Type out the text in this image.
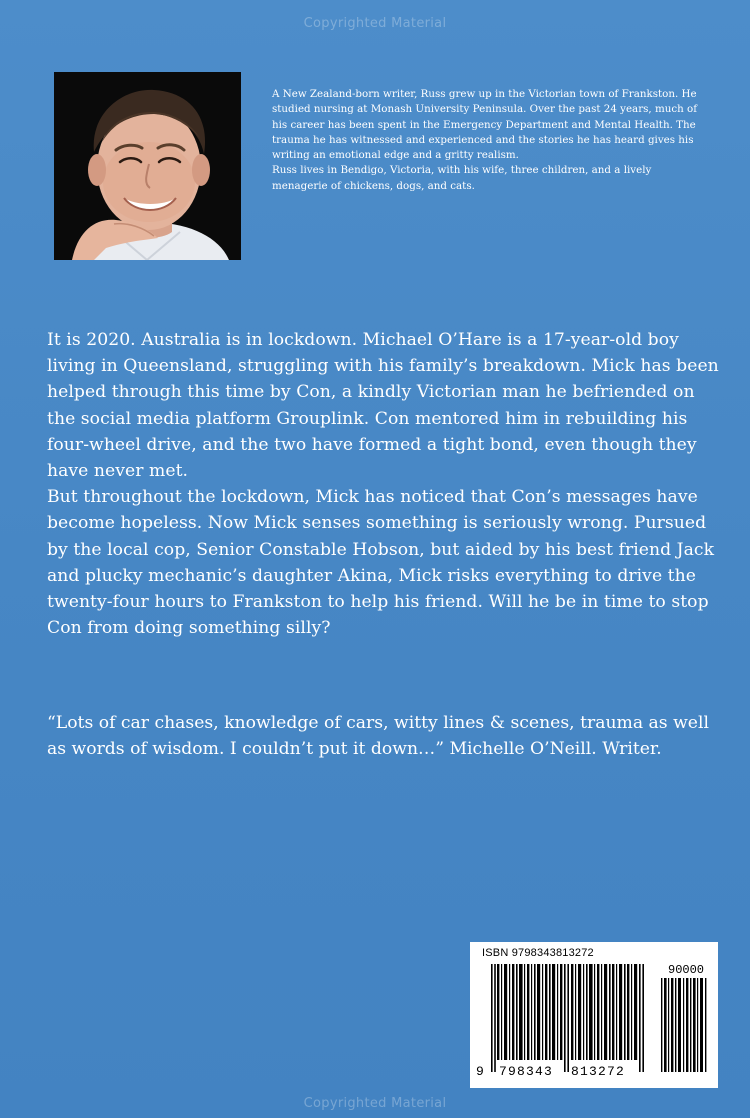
Copyrighted Material

A New Zealand-born writer, Russ grew up in the Victorian town of Frankston. He studied nursing at Monash University Peninsula. Over the past 24 years, much of his career has been spent in the Emergency Department and Mental Health. The trauma he has witnessed and experienced and the stories he has heard gives his writing an emotional edge and a gritty realism.

Russ lives in Bendigo, Victoria, with his wife, three children, and a lively menagerie of chickens, dogs, and cats.

It is 2020. Australia is in lockdown. Michael O’Hare is a 17-year-old boy living in Queensland, struggling with his family’s breakdown. Mick has been helped through this time by Con, a kindly Victorian man he befriended on the social media platform Grouplink. Con mentored him in rebuilding his four-wheel drive, and the two have formed a tight bond, even though they have never met.

But throughout the lockdown, Mick has noticed that Con’s messages have become hopeless. Now Mick senses something is seriously wrong. Pursued by the local cop, Senior Constable Hobson, but aided by his best friend Jack and plucky mechanic’s daughter Akina, Mick risks everything to drive the twenty-four hours to Frankston to help his friend. Will he be in time to stop Con from doing something silly?

“Lots of car chases, knowledge of cars, witty lines & scenes, trauma as well as words of wisdom. I couldn’t put it down…” Michelle O’Neill. Writer.
ISBN 9798343813272
90000
9 798343 813272
Copyrighted Material
